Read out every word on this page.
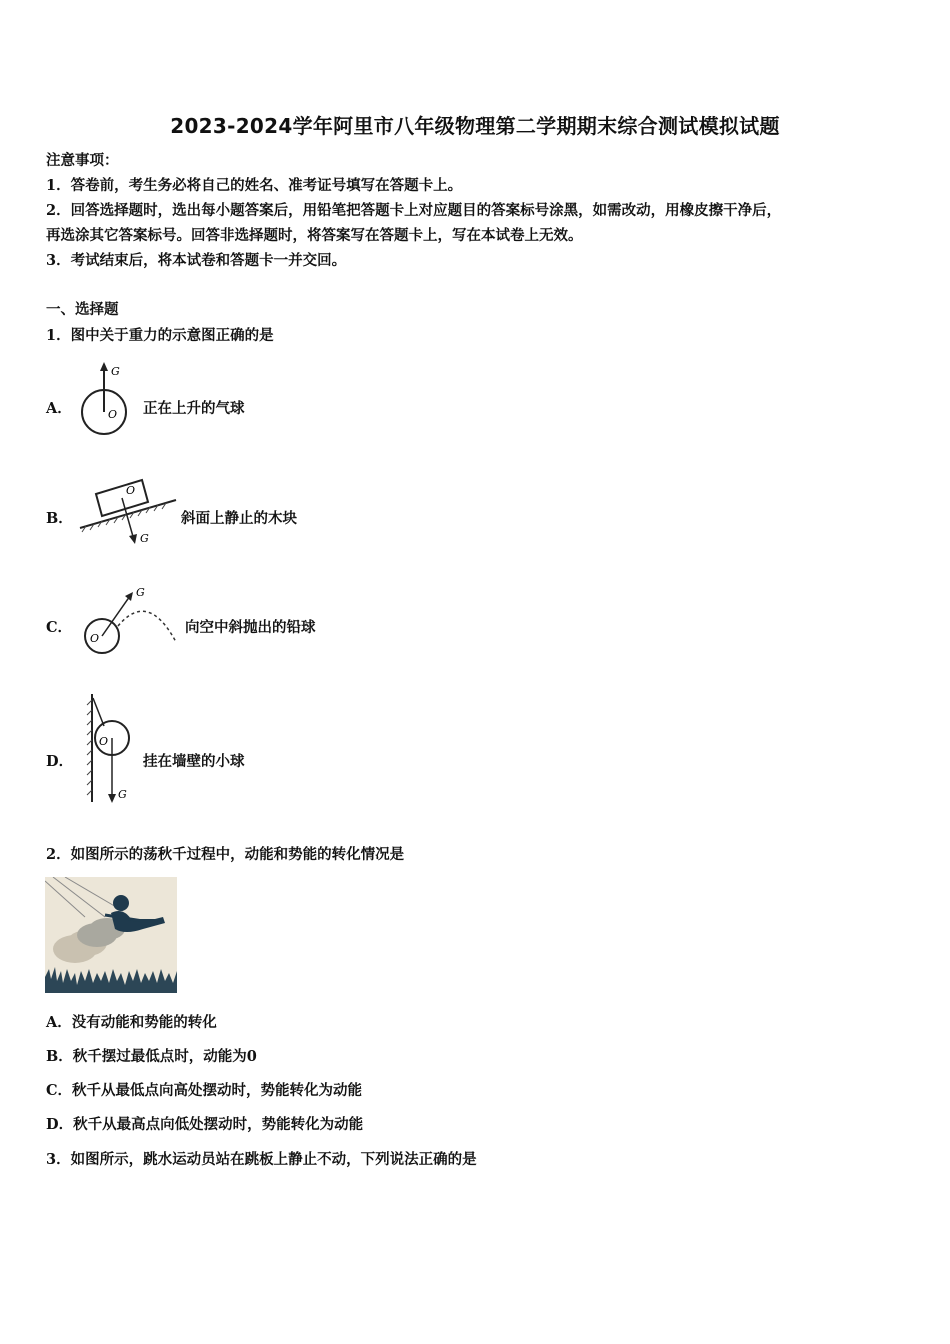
2023-2024学年阿里市八年级物理第二学期期末综合测试模拟试题
注意事项：
1．答卷前，考生务必将自己的姓名、准考证号填写在答题卡上。
2．回答选择题时，选出每小题答案后，用铅笔把答题卡上对应题目的答案标号涂黑，如需改动，用橡皮擦干净后，
再选涂其它答案标号。回答非选择题时，将答案写在答题卡上，写在本试卷上无效。
3．考试结束后，将本试卷和答题卡一并交回。
一、选择题
1．图中关于重力的示意图正确的是
A．
G
O 正在上升的气球
B．
O
G
斜面上静止的木块
C．
G
O
向空中斜抛出的铅球
D．
O
G
挂在墙壁的小球
2．如图所示的荡秋千过程中，动能和势能的转化情况是
A．没有动能和势能的转化
B．秋千摆过最低点时，动能为0
C．秋千从最低点向高处摆动时，势能转化为动能
D．秋千从最高点向低处摆动时，势能转化为动能
3．如图所示，跳水运动员站在跳板上静止不动，下列说法正确的是
